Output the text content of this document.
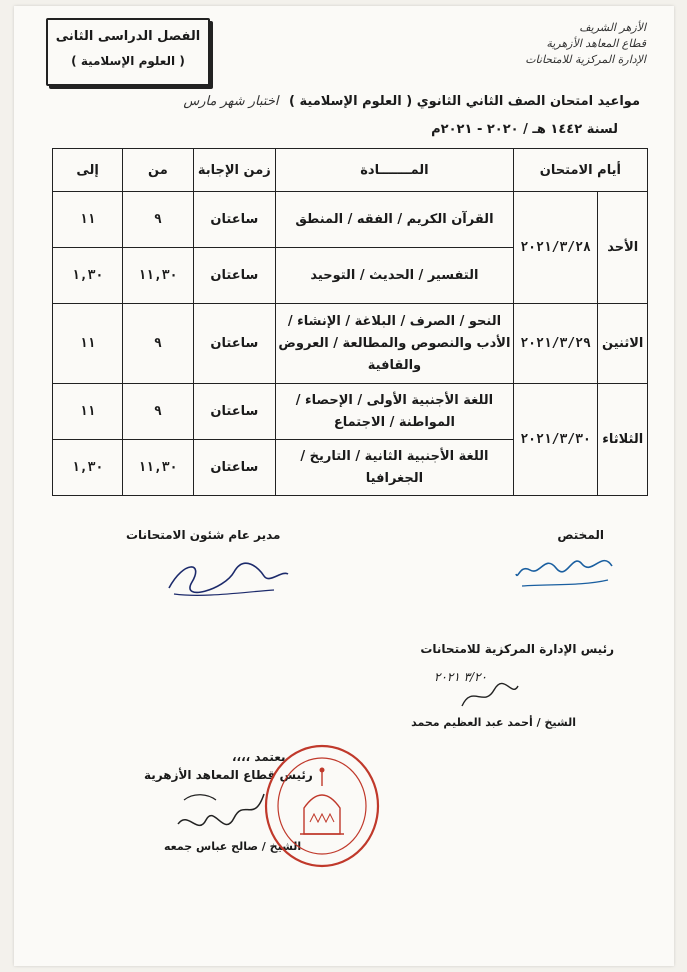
الفصل الدراسى الثانى
( العلوم الإسلامية )
الأزهر الشريف
قطاع المعاهد الأزهرية
الإدارة المركزية للامتحانات
مواعيد امتحان الصف الثاني الثانوي ( العلوم الإسلامية ) اختبار شهر مارس
لسنة ١٤٤٢ هـ / ٢٠٢٠ - ٢٠٢١م
أيام الامتحان		المـــــــادة	زمن الإجابة	من	إلى
الأحد	٢٠٢١/٣/٢٨	القرآن الكريم / الفقه / المنطق	ساعتان	٩	١١
		التفسير / الحديث / التوحيد	ساعتان	١١,٣٠	١,٣٠
الاثنين	٢٠٢١/٣/٢٩	النحو / الصرف / البلاغة / الإنشاء / الأدب والنصوص والمطالعة / العروض والقافية	ساعتان	٩	١١
الثلاثاء	٢٠٢١/٣/٣٠	اللغة الأجنبية الأولى / الإحصاء / المواطنة / الاجتماع	ساعتان	٩	١١
		اللغة الأجنبية الثانية / التاريخ / الجغرافيا	ساعتان	١١,٣٠	١,٣٠
مدير عام شئون الامتحانات	المختص
رئيس الإدارة المركزية للامتحانات
٣/٢٠ ٢٠٢١
الشيخ / أحمد عبد العظيم محمد
يعتمد ،،،،
رئيس قطاع المعاهد الأزهرية
الشيخ / صالح عباس جمعه
